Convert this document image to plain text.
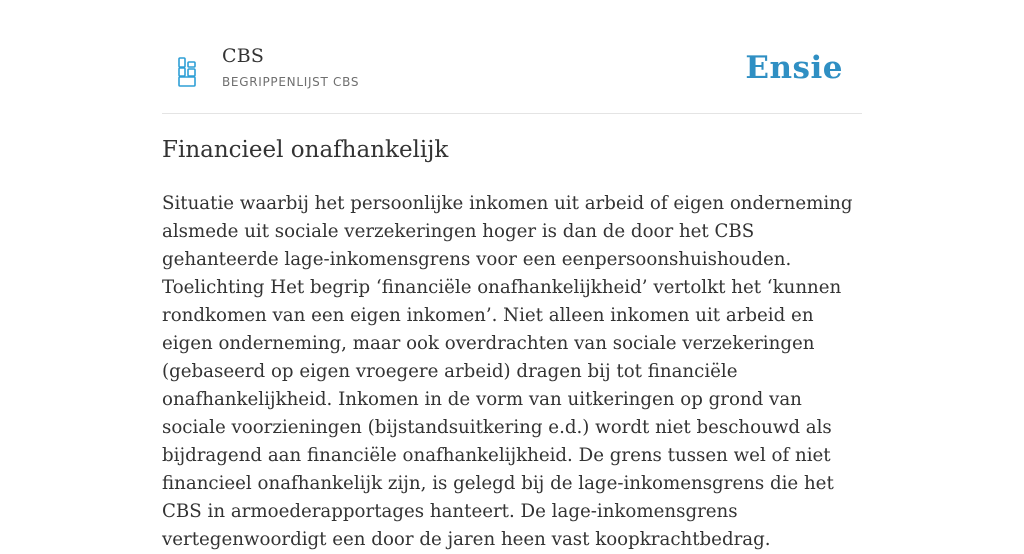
CBS
BEGRIPPENLIJST CBS	Ensie
Financieel onafhankelijk

Situatie waarbij het persoonlijke inkomen uit arbeid of eigen onderneming alsmede uit sociale verzekeringen hoger is dan de door het CBS gehanteerde lage-inkomensgrens voor een eenpersoonshuishouden. Toelichting Het begrip ‘financiële onafhankelijkheid’ vertolkt het ‘kunnen rondkomen van een eigen inkomen’. Niet alleen inkomen uit arbeid en eigen onderneming, maar ook overdrachten van sociale verzekeringen (gebaseerd op eigen vroegere arbeid) dragen bij tot financiële onafhankelijkheid. Inkomen in de vorm van uitkeringen op grond van sociale voorzieningen (bijstandsuitkering e.d.) wordt niet beschouwd als bijdragend aan financiële onafhankelijkheid. De grens tussen wel of niet financieel onafhankelijk zijn, is gelegd bij de lage-inkomensgrens die het CBS in armoederapportages hanteert. De lage-inkomensgrens vertegenwoordigt een door de jaren heen vast koopkrachtbedrag.
